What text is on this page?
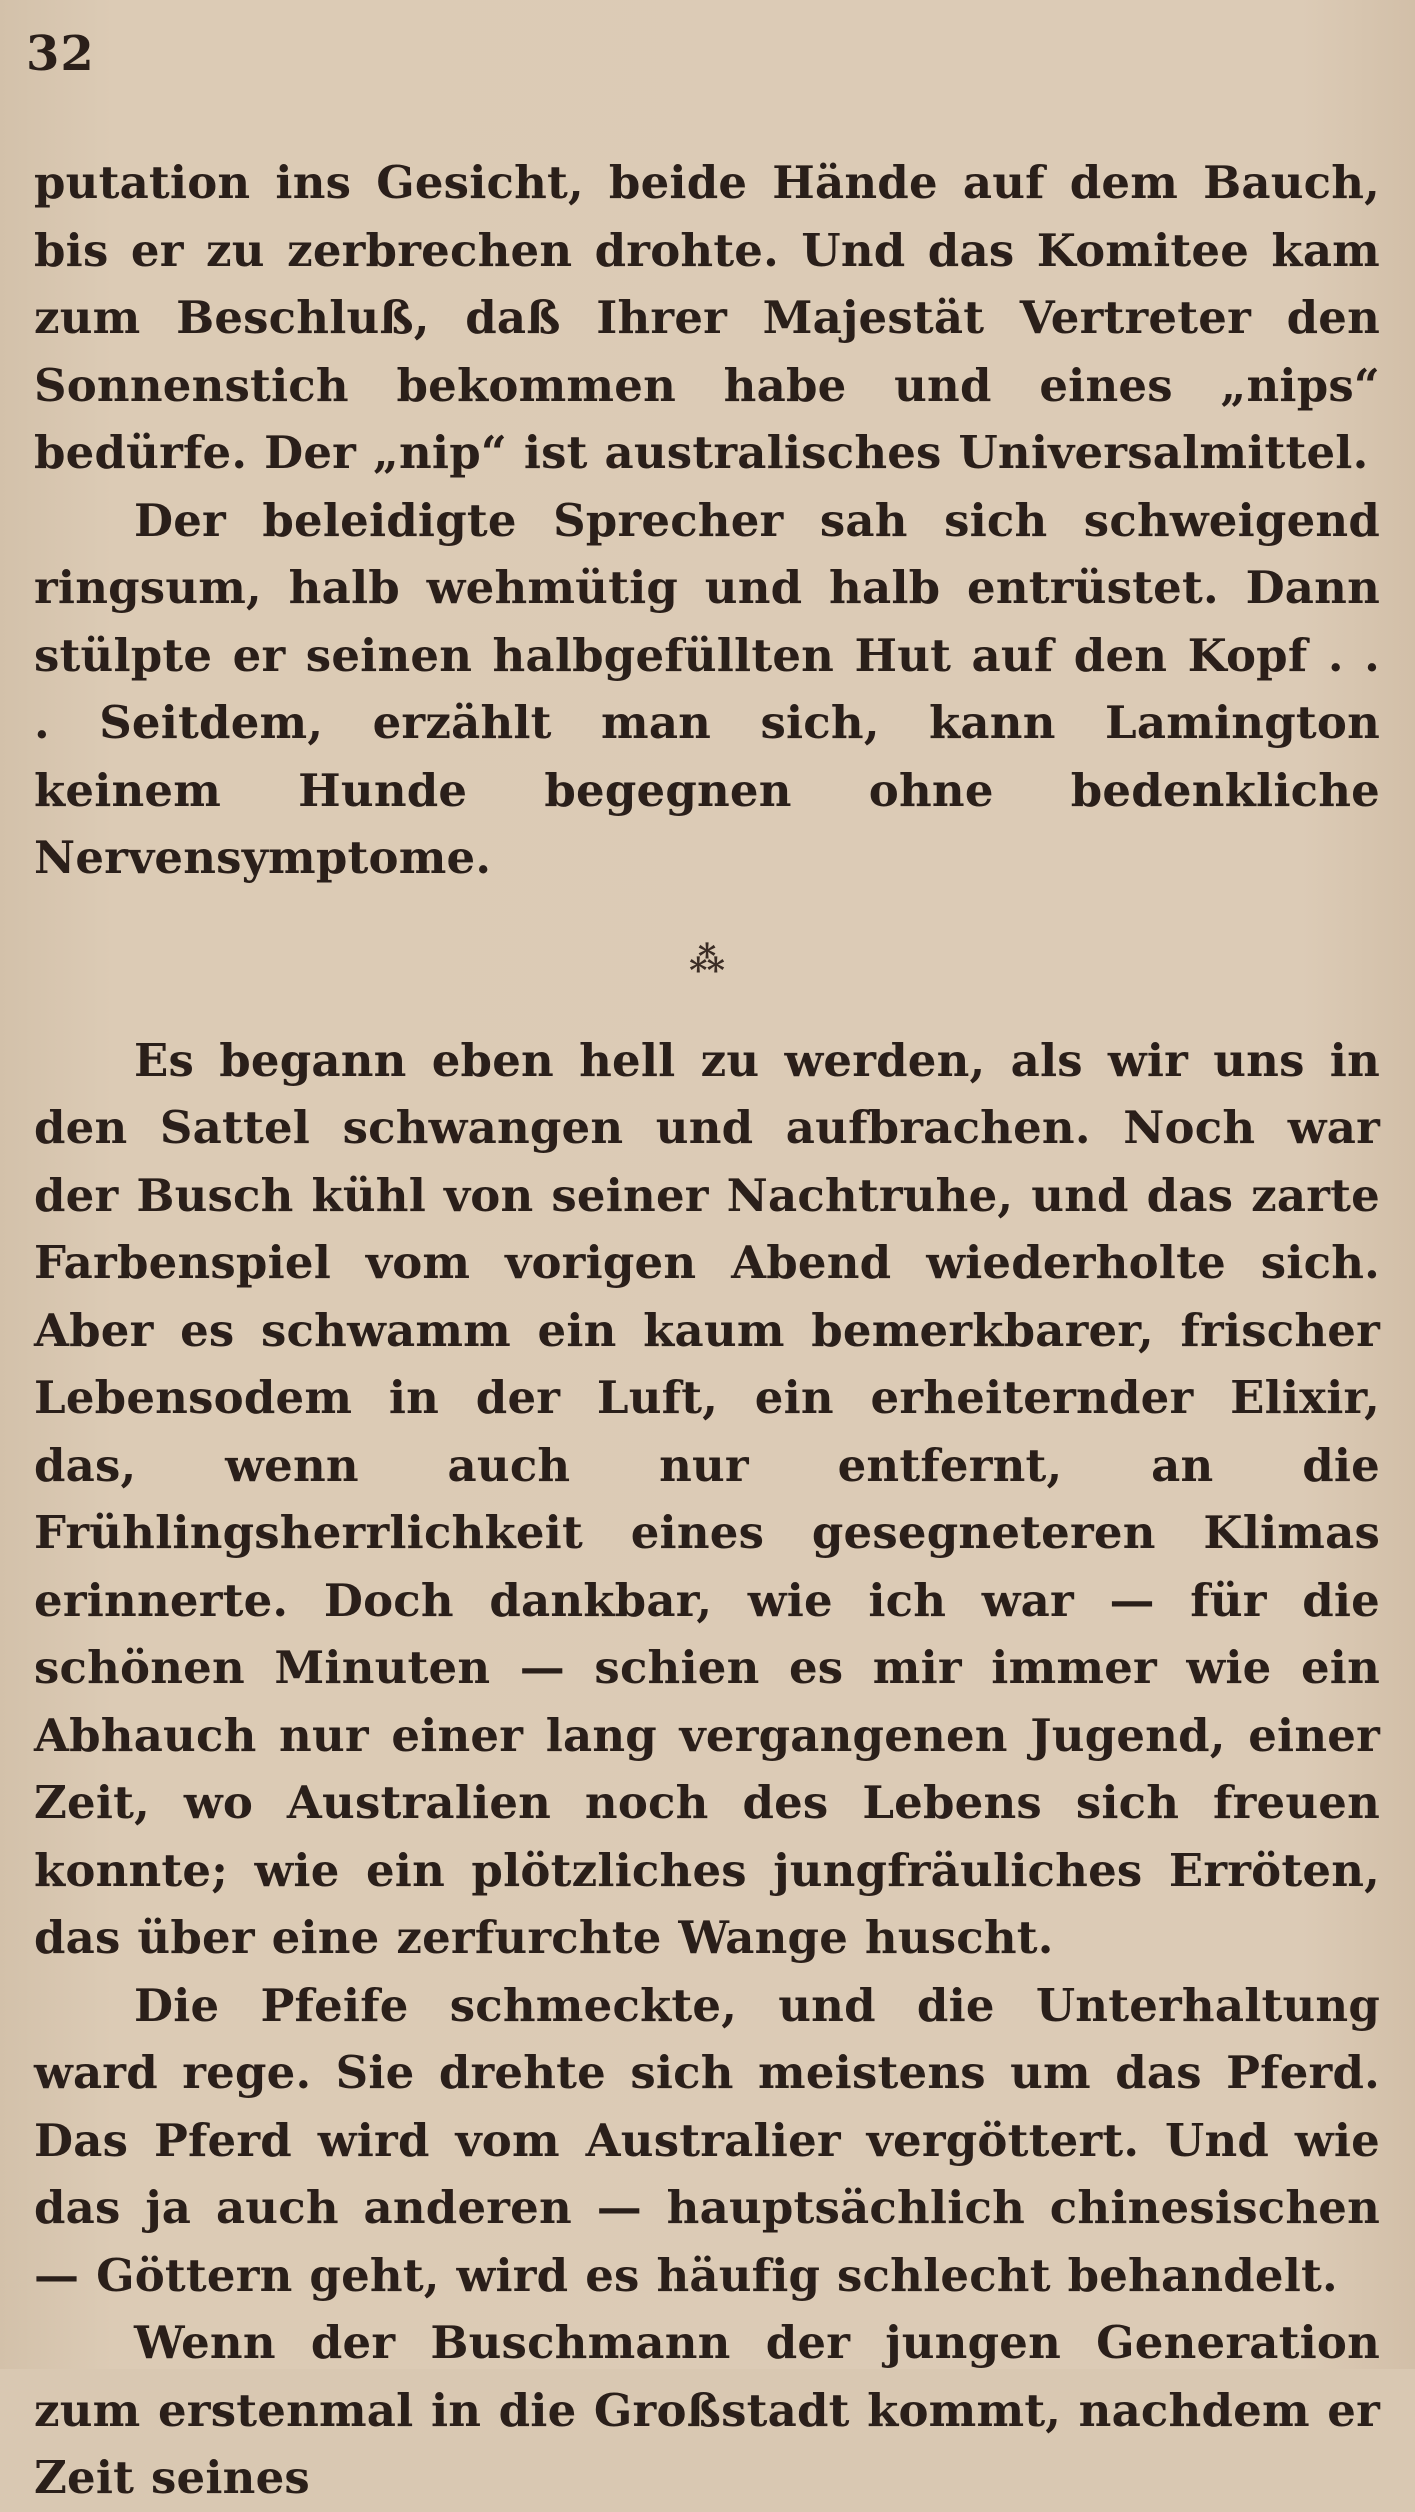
32

putation ins Gesicht, beide Hände auf dem Bauch, bis er zu zerbrechen drohte. Und das Komitee kam zum Beschluß, daß Ihrer Majestät Vertreter den Sonnenstich bekommen habe und eines „nips“ bedürfe. Der „nip“ ist australisches Universalmittel.

Der beleidigte Sprecher sah sich schweigend ringsum, halb wehmütig und halb entrüstet. Dann stülpte er seinen halbgefüllten Hut auf den Kopf . . . Seitdem, erzählt man sich, kann Lamington keinem Hunde begegnen ohne bedenkliche Nervensymptome.

⁂

Es begann eben hell zu werden, als wir uns in den Sattel schwangen und aufbrachen. Noch war der Busch kühl von seiner Nachtruhe, und das zarte Farbenspiel vom vorigen Abend wiederholte sich. Aber es schwamm ein kaum bemerkbarer, frischer Lebensodem in der Luft, ein erheiternder Elixir, das, wenn auch nur entfernt, an die Frühlingsherrlichkeit eines gesegneteren Klimas erinnerte. Doch dankbar, wie ich war — für die schönen Minuten — schien es mir immer wie ein Abhauch nur einer lang vergangenen Jugend, einer Zeit, wo Australien noch des Lebens sich freuen konnte; wie ein plötzliches jungfräuliches Erröten, das über eine zerfurchte Wange huscht.

Die Pfeife schmeckte, und die Unterhaltung ward rege. Sie drehte sich meistens um das Pferd. Das Pferd wird vom Australier vergöttert. Und wie das ja auch anderen — hauptsächlich chinesischen — Göttern geht, wird es häufig schlecht behandelt.

Wenn der Buschmann der jungen Generation zum erstenmal in die Großstadt kommt, nachdem er Zeit seines
